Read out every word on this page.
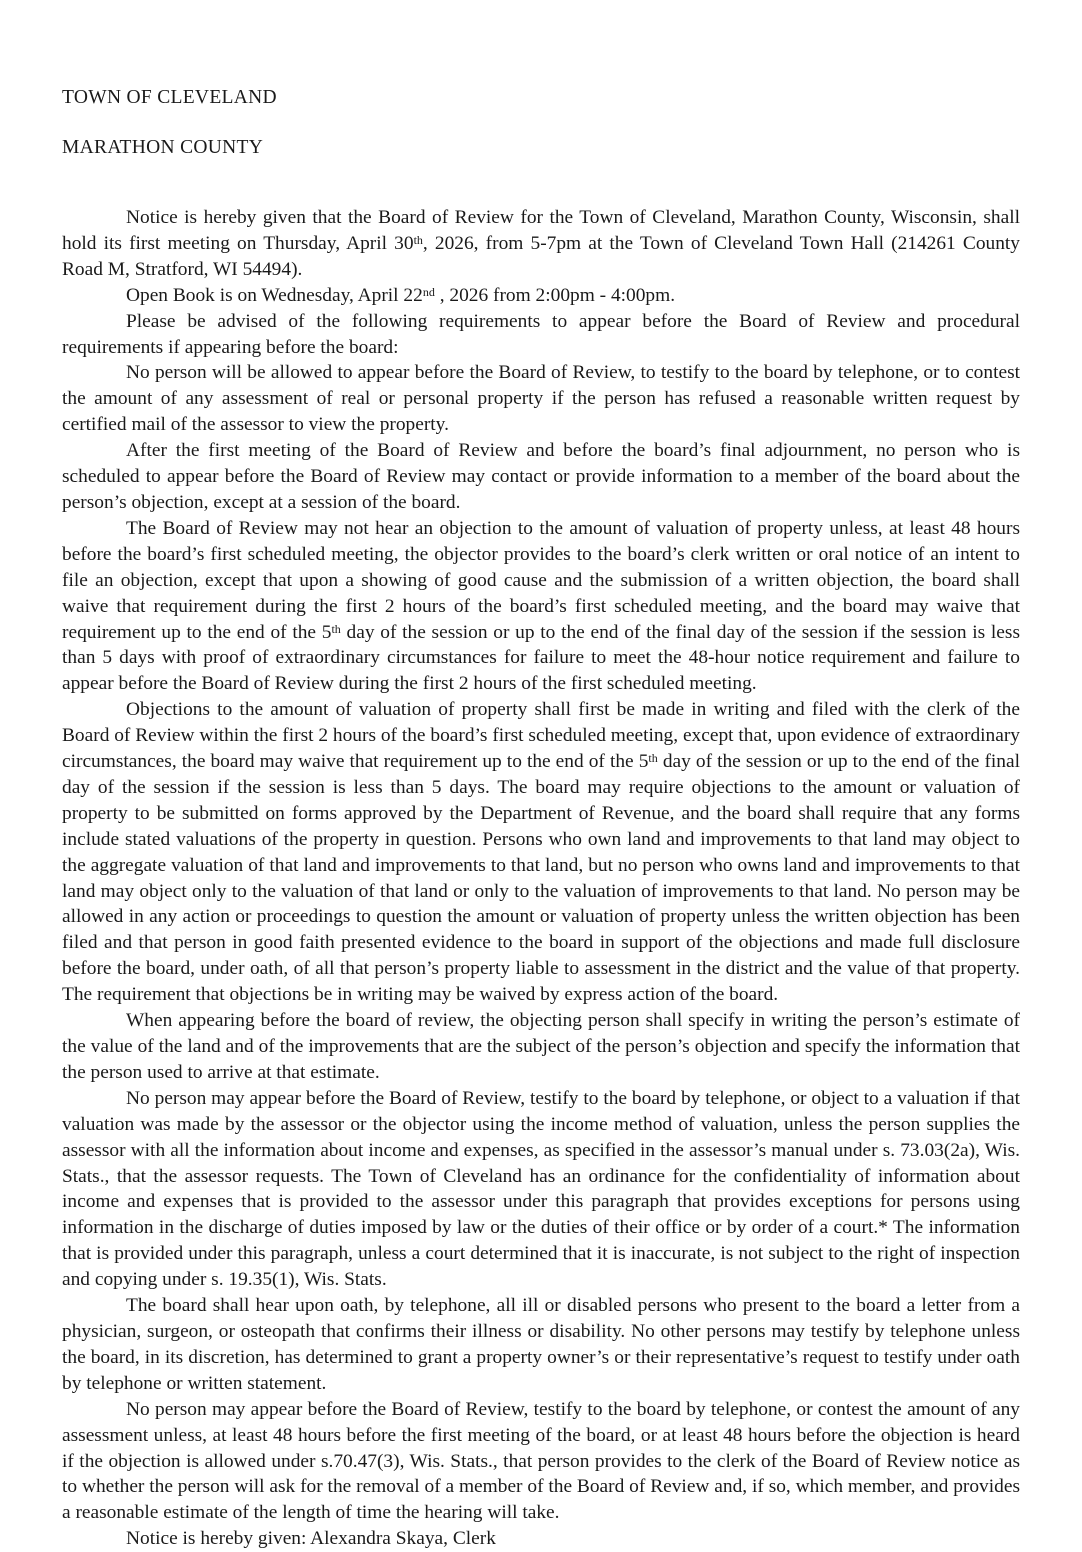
TOWN OF CLEVELAND

MARATHON COUNTY

Notice is hereby given that the Board of Review for the Town of Cleveland, Marathon County, Wisconsin, shall hold its first meeting on Thursday, April 30th, 2026, from 5-7pm at the Town of Cleveland Town Hall (214261 County Road M, Stratford, WI 54494).

Open Book is on Wednesday, April 22nd , 2026 from 2:00pm - 4:00pm.

Please be advised of the following requirements to appear before the Board of Review and procedural requirements if appearing before the board:

No person will be allowed to appear before the Board of Review, to testify to the board by telephone, or to contest the amount of any assessment of real or personal property if the person has refused a reasonable written request by certified mail of the assessor to view the property.

After the first meeting of the Board of Review and before the board’s final adjournment, no person who is scheduled to appear before the Board of Review may contact or provide information to a member of the board about the person’s objection, except at a session of the board.

The Board of Review may not hear an objection to the amount of valuation of property unless, at least 48 hours before the board’s first scheduled meeting, the objector provides to the board’s clerk written or oral notice of an intent to file an objection, except that upon a showing of good cause and the submission of a written objection, the board shall waive that requirement during the first 2 hours of the board’s first scheduled meeting, and the board may waive that requirement up to the end of the 5th day of the session or up to the end of the final day of the session if the session is less than 5 days with proof of extraordinary circumstances for failure to meet the 48-hour notice requirement and failure to appear before the Board of Review during the first 2 hours of the first scheduled meeting.

Objections to the amount of valuation of property shall first be made in writing and filed with the clerk of the Board of Review within the first 2 hours of the board’s first scheduled meeting, except that, upon evidence of extraordinary circumstances, the board may waive that requirement up to the end of the 5th day of the session or up to the end of the final day of the session if the session is less than 5 days. The board may require objections to the amount or valuation of property to be submitted on forms approved by the Department of Revenue, and the board shall require that any forms include stated valuations of the property in question. Persons who own land and improvements to that land may object to the aggregate valuation of that land and improvements to that land, but no person who owns land and improvements to that land may object only to the valuation of that land or only to the valuation of improvements to that land. No person may be allowed in any action or proceedings to question the amount or valuation of property unless the written objection has been filed and that person in good faith presented evidence to the board in support of the objections and made full disclosure before the board, under oath, of all that person’s property liable to assessment in the district and the value of that property. The requirement that objections be in writing may be waived by express action of the board.

When appearing before the board of review, the objecting person shall specify in writing the person’s estimate of the value of the land and of the improvements that are the subject of the person’s objection and specify the information that the person used to arrive at that estimate.

No person may appear before the Board of Review, testify to the board by telephone, or object to a valuation if that valuation was made by the assessor or the objector using the income method of valuation, unless the person supplies the assessor with all the information about income and expenses, as specified in the assessor’s manual under s. 73.03(2a), Wis. Stats., that the assessor requests. The Town of Cleveland has an ordinance for the confidentiality of information about income and expenses that is provided to the assessor under this paragraph that provides exceptions for persons using information in the discharge of duties imposed by law or the duties of their office or by order of a court.* The information that is provided under this paragraph, unless a court determined that it is inaccurate, is not subject to the right of inspection and copying under s. 19.35(1), Wis. Stats.

The board shall hear upon oath, by telephone, all ill or disabled persons who present to the board a letter from a physician, surgeon, or osteopath that confirms their illness or disability. No other persons may testify by telephone unless the board, in its discretion, has determined to grant a property owner’s or their representative’s request to testify under oath by telephone or written statement.

No person may appear before the Board of Review, testify to the board by telephone, or contest the amount of any assessment unless, at least 48 hours before the first meeting of the board, or at least 48 hours before the objection is heard if the objection is allowed under s.70.47(3), Wis. Stats., that person provides to the clerk of the Board of Review notice as to whether the person will ask for the removal of a member of the Board of Review and, if so, which member, and provides a reasonable estimate of the length of time the hearing will take.

Notice is hereby given: Alexandra Skaya, Clerk
